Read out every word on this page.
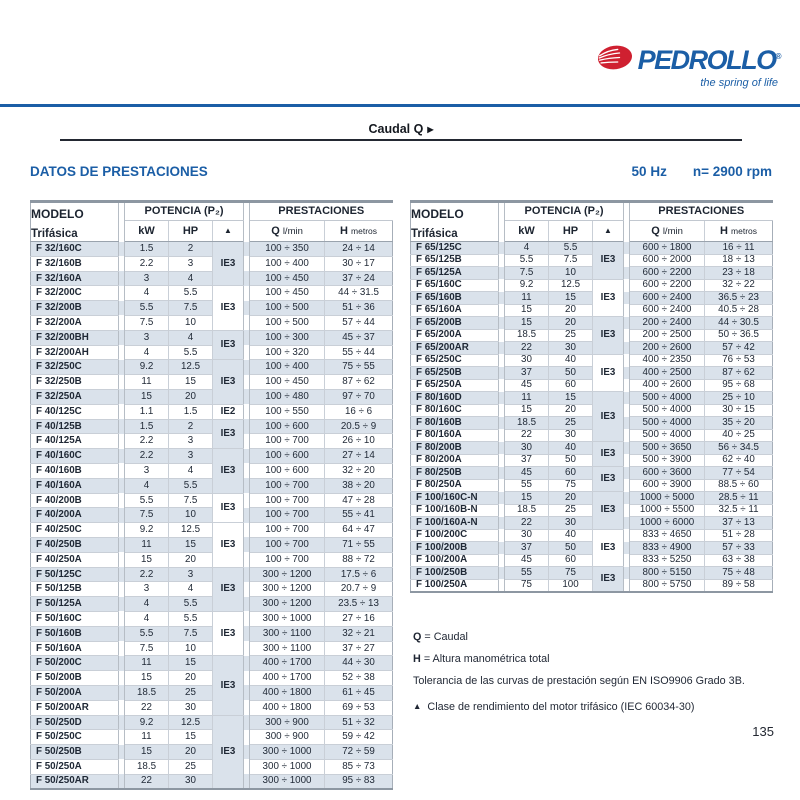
PEDROLLO®
the spring of life
Caudal Q ▶
DATOS DE PRESTACIONES	50 Hz n= 2900 rpm
MODELO
Trifásica		POTENCIA (P₂)				PRESTACIONES	
		kW	HP	▲		Q l/min	H metros
F 32/160C		1.5	2	IE3		100 ÷ 350	24 ÷ 14
F 32/160B		2.2	3			100 ÷ 400	30 ÷ 17
F 32/160A		3	4			100 ÷ 450	37 ÷ 24
F 32/200C		4	5.5	IE3		100 ÷ 450	44 ÷ 31.5
F 32/200B		5.5	7.5			100 ÷ 500	51 ÷ 36
F 32/200A		7.5	10			100 ÷ 500	57 ÷ 44
F 32/200BH		3	4	IE3		100 ÷ 300	45 ÷ 37
F 32/200AH		4	5.5			100 ÷ 320	55 ÷ 44
F 32/250C		9.2	12.5	IE3		100 ÷ 400	75 ÷ 55
F 32/250B		11	15			100 ÷ 450	87 ÷ 62
F 32/250A		15	20			100 ÷ 480	97 ÷ 70
F 40/125C		1.1	1.5	IE2		100 ÷ 550	16 ÷ 6
F 40/125B		1.5	2	IE3		100 ÷ 600	20.5 ÷ 9
F 40/125A		2.2	3			100 ÷ 700	26 ÷ 10
F 40/160C		2.2	3	IE3		100 ÷ 600	27 ÷ 14
F 40/160B		3	4			100 ÷ 600	32 ÷ 20
F 40/160A		4	5.5			100 ÷ 700	38 ÷ 20
F 40/200B		5.5	7.5	IE3		100 ÷ 700	47 ÷ 28
F 40/200A		7.5	10			100 ÷ 700	55 ÷ 41
F 40/250C		9.2	12.5	IE3		100 ÷ 700	64 ÷ 47
F 40/250B		11	15			100 ÷ 700	71 ÷ 55
F 40/250A		15	20			100 ÷ 700	88 ÷ 72
F 50/125C		2.2	3	IE3		300 ÷ 1200	17.5 ÷ 6
F 50/125B		3	4			300 ÷ 1200	20.7 ÷ 9
F 50/125A		4	5.5			300 ÷ 1200	23.5 ÷ 13
F 50/160C		4	5.5	IE3		300 ÷ 1000	27 ÷ 16
F 50/160B		5.5	7.5			300 ÷ 1100	32 ÷ 21
F 50/160A		7.5	10			300 ÷ 1100	37 ÷ 27
F 50/200C		11	15	IE3		400 ÷ 1700	44 ÷ 30
F 50/200B		15	20			400 ÷ 1700	52 ÷ 38
F 50/200A		18.5	25			400 ÷ 1800	61 ÷ 45
F 50/200AR		22	30			400 ÷ 1800	69 ÷ 53
F 50/250D		9.2	12.5	IE3		300 ÷ 900	51 ÷ 32
F 50/250C		11	15			300 ÷ 900	59 ÷ 42
F 50/250B		15	20			300 ÷ 1000	72 ÷ 59
F 50/250A		18.5	25			300 ÷ 1000	85 ÷ 73
F 50/250AR		22	30			300 ÷ 1000	95 ÷ 83
MODELO
Trifásica		POTENCIA (P₂)				PRESTACIONES	
		kW	HP	▲		Q l/min	H metros
F 65/125C		4	5.5	IE3		600 ÷ 1800	16 ÷ 11
F 65/125B		5.5	7.5			600 ÷ 2000	18 ÷ 13
F 65/125A		7.5	10			600 ÷ 2200	23 ÷ 18
F 65/160C		9.2	12.5	IE3		600 ÷ 2200	32 ÷ 22
F 65/160B		11	15			600 ÷ 2400	36.5 ÷ 23
F 65/160A		15	20			600 ÷ 2400	40.5 ÷ 28
F 65/200B		15	20	IE3		200 ÷ 2400	44 ÷ 30.5
F 65/200A		18.5	25			200 ÷ 2500	50 ÷ 36.5
F 65/200AR		22	30			200 ÷ 2600	57 ÷ 42
F 65/250C		30	40	IE3		400 ÷ 2350	76 ÷ 53
F 65/250B		37	50			400 ÷ 2500	87 ÷ 62
F 65/250A		45	60			400 ÷ 2600	95 ÷ 68
F 80/160D		11	15	IE3		500 ÷ 4000	25 ÷ 10
F 80/160C		15	20			500 ÷ 4000	30 ÷ 15
F 80/160B		18.5	25			500 ÷ 4000	35 ÷ 20
F 80/160A		22	30			500 ÷ 4000	40 ÷ 25
F 80/200B		30	40	IE3		500 ÷ 3650	56 ÷ 34.5
F 80/200A		37	50			500 ÷ 3900	62 ÷ 40
F 80/250B		45	60	IE3		600 ÷ 3600	77 ÷ 54
F 80/250A		55	75			600 ÷ 3900	88.5 ÷ 60
F 100/160C-N		15	20	IE3		1000 ÷ 5000	28.5 ÷ 11
F 100/160B-N		18.5	25			1000 ÷ 5500	32.5 ÷ 11
F 100/160A-N		22	30			1000 ÷ 6000	37 ÷ 13
F 100/200C		30	40	IE3		833 ÷ 4650	51 ÷ 28
F 100/200B		37	50			833 ÷ 4900	57 ÷ 33
F 100/200A		45	60			833 ÷ 5250	63 ÷ 38
F 100/250B		55	75	IE3		800 ÷ 5150	75 ÷ 48
F 100/250A		75	100			800 ÷ 5750	89 ÷ 58
Q = Caudal
H = Altura manométrica total
Tolerancia de las curvas de prestación según EN ISO9906 Grado 3B.
▲ Clase de rendimiento del motor trifásico (IEC 60034-30)
135
